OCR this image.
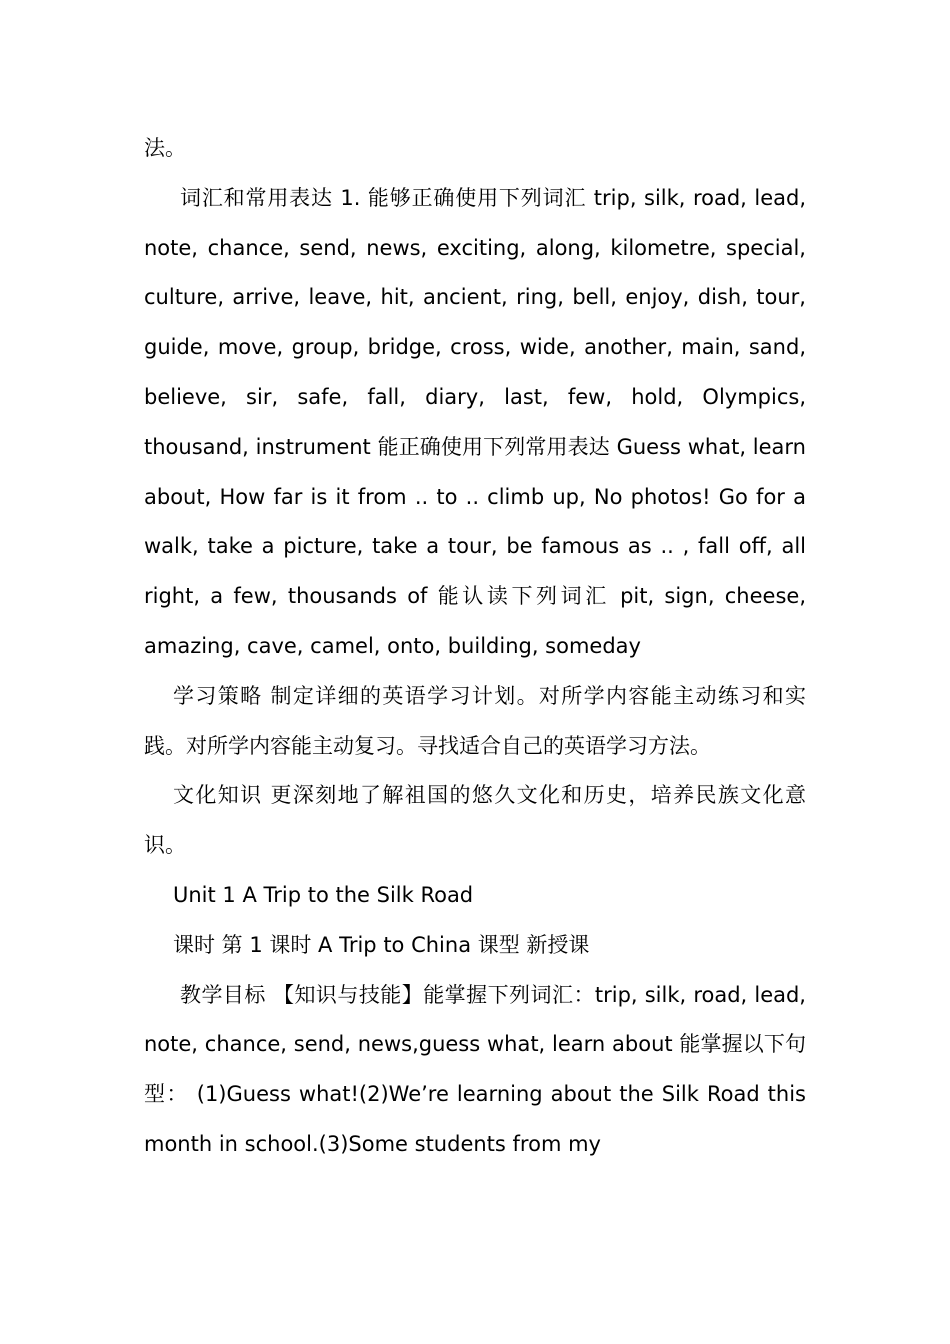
法。

词汇和常用表达 1. 能够正确使用下列词汇 trip, silk, road, lead, note, chance, send, news, exciting, along, kilometre, special, culture, arrive, leave, hit, ancient, ring, bell, enjoy, dish, tour, guide, move, group, bridge, cross, wide, another, main, sand, believe, sir, safe, fall, diary, last, few, hold, Olympics, thousand, instrument 能正确使用下列常用表达 Guess what, learn about, How far is it from .. to .. climb up, No photos! Go for a walk, take a picture, take a tour, be famous as .. , fall off, all right, a few, thousands of 能认读下列词汇 pit, sign, cheese, amazing, cave, camel, onto, building, someday

学习策略 制定详细的英语学习计划。对所学内容能主动练习和实践。对所学内容能主动复习。寻找适合自己的英语学习方法。

文化知识 更深刻地了解祖国的悠久文化和历史，培养民族文化意识。

Unit 1 A Trip to the Silk Road

课时 第 1 课时 A Trip to China 课型 新授课

教学目标 【知识与技能】能掌握下列词汇：trip, silk, road, lead, note, chance, send, news,guess what, learn about 能掌握以下句型： (1)Guess what!(2)We’re learning about the Silk Road this month in school.(3)Some students from my
